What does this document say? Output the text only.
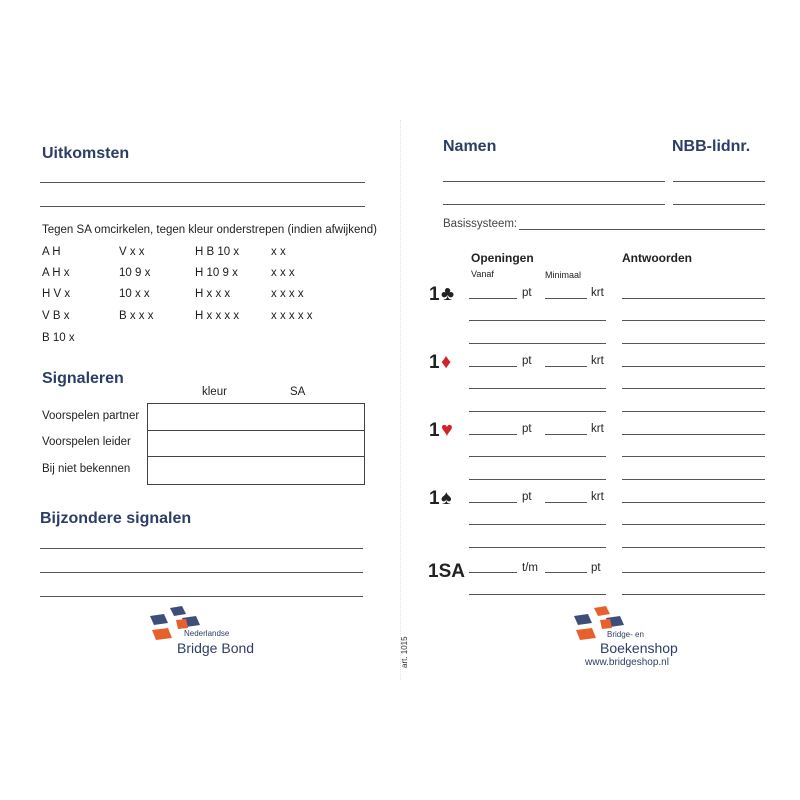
Uitkomsten
Tegen SA omcirkelen, tegen kleur onderstrepen (indien afwijkend)
A H	V x x	H B 10 x	x x
A H x	10 9 x	H 10 9 x	x x x
H V x	10 x x	H x x x	x x x x
V B x	B x x x	H x x x x	x x x x x
B 10 x
Signaleren
kleur	SA
Voorspelen partner
Voorspelen leider
Bij niet bekennen
Bijzondere signalen
Nederlandse
Bridge Bond
Namen	NBB-lidnr.
Basissysteem:
Openingen	Antwoorden
Vanaf	Minimaal
1 ♣	pt	krt
1 ♦	pt	krt
1 ♥	pt	krt
1 ♠	pt	krt
1SA	t/m	pt
art. 1015
Bridge- en
Boekenshop
www.bridgeshop.nl
